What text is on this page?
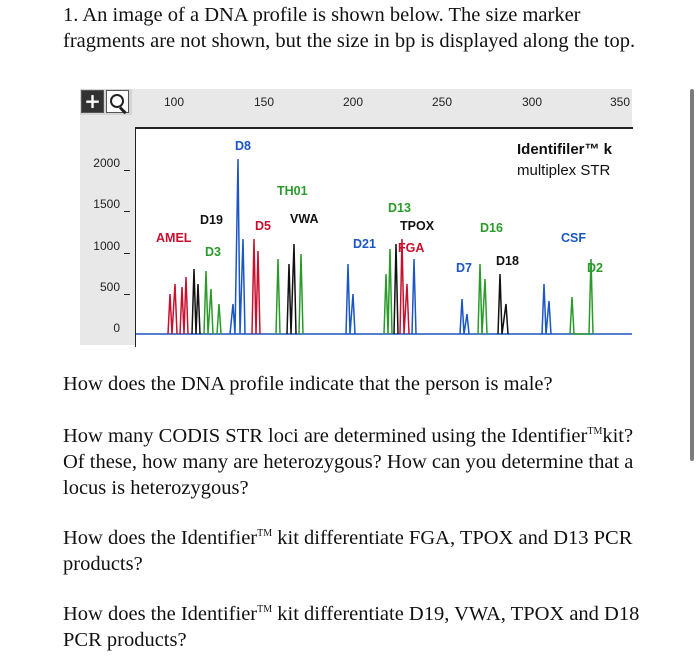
1. An image of a DNA profile is shown below. The size marker fragments are not shown, but the size in bp is displayed along the top.

+	100	150	200	250	300	350
2000
1500
1000
500
0
D8
TH01
D13
D19	D5 VWA	TPOX	D16
AMEL	D21 FGA
CSF
D3
D7 D18	D2
Identifiler™ k
multiplex STR

How does the DNA profile indicate that the person is male?

How many CODIS STR loci are determined using the Identifier™kit? Of these, how many are heterozygous? How can you determine that a locus is heterozygous?

How does the Identifier™ kit differentiate FGA, TPOX and D13 PCR products?

How does the Identifier™ kit differentiate D19, VWA, TPOX and D18 PCR products?
